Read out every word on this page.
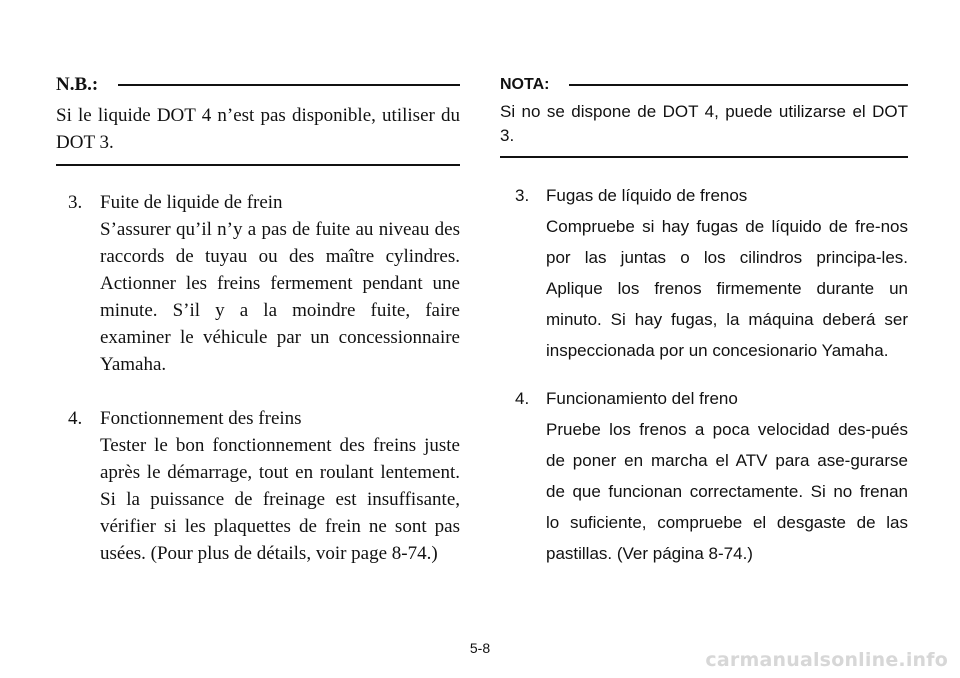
N.B.:
Si le liquide DOT 4 n’est pas disponible, utiliser du DOT 3.
3. Fuite de liquide de frein
S’assurer qu’il n’y a pas de fuite au niveau des raccords de tuyau ou des maître cylindres. Actionner les freins fermement pendant une minute. S’il y a la moindre fuite, faire examiner le véhicule par un concessionnaire Yamaha.
4. Fonctionnement des freins
Tester le bon fonctionnement des freins juste après le démarrage, tout en roulant lentement. Si la puissance de freinage est insuffisante, vérifier si les plaquettes de frein ne sont pas usées. (Pour plus de détails, voir page 8-74.)
NOTA:
Si no se dispone de DOT 4, puede utilizarse el DOT 3.
3. Fugas de líquido de frenos
Compruebe si hay fugas de líquido de fre-nos por las juntas o los cilindros principa-les. Aplique los frenos firmemente durante un minuto. Si hay fugas, la máquina deberá ser inspeccionada por un concesionario Yamaha.
4. Funcionamiento del freno
Pruebe los frenos a poca velocidad des-pués de poner en marcha el ATV para ase-gurarse de que funcionan correctamente. Si no frenan lo suficiente, compruebe el desgaste de las pastillas. (Ver página 8-74.)
5-8
carmanualsonline.info
